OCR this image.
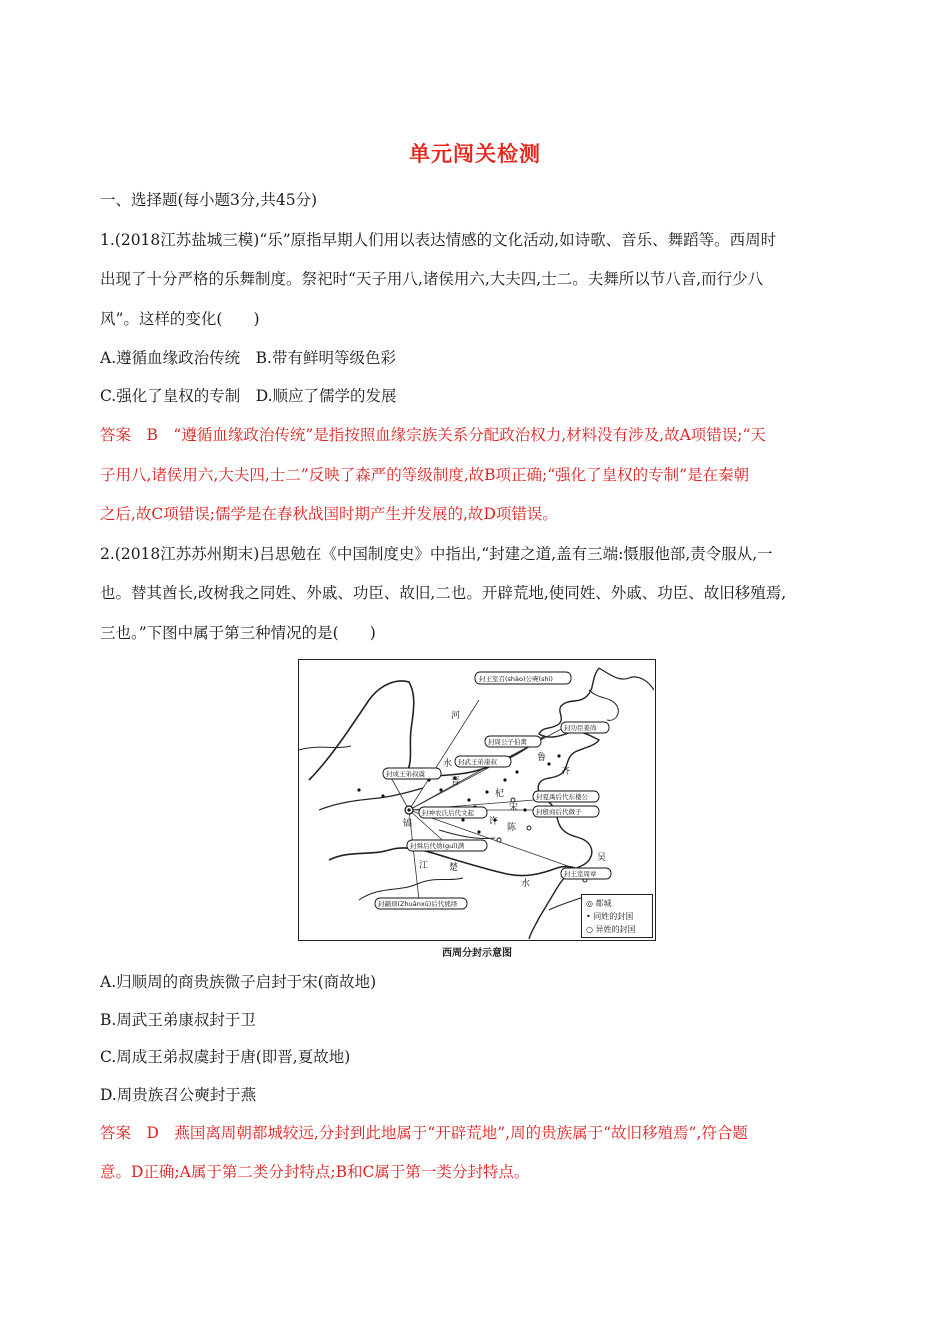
单元闯关检测
一、选择题(每小题3分,共45分)
1.(2018江苏盐城三模)“乐”原指早期人们用以表达情感的文化活动,如诗歌、音乐、舞蹈等。西周时
出现了十分严格的乐舞制度。祭祀时“天子用八,诸侯用六,大夫四,士二。夫舞所以节八音,而行少八
风”。这样的变化(　　)
A.遵循血缘政治传统　B.带有鲜明等级色彩
C.强化了皇权的专制　D.顺应了儒学的发展
答案　B　“遵循血缘政治传统”是指按照血缘宗族关系分配政治权力,材料没有涉及,故A项错误;“天
子用八,诸侯用六,大夫四,士二”反映了森严的等级制度,故B项正确;“强化了皇权的专制”是在秦朝
之后,故C项错误;儒学是在春秋战国时期产生并发展的,故D项错误。
2.(2018江苏苏州期末)吕思勉在《中国制度史》中指出,“封建之道,盖有三端:慑服他部,责令服从,一
也。替其酋长,改树我之同姓、外戚、功臣、故旧,二也。开辟荒地,使同姓、外戚、功臣、故旧移殖焉,
三也。”下图中属于第三种情况的是(　　)
封王室召(shào)公奭(shì)
封功臣姜尚
封周公子伯禽
封武王弟康叔
封成王弟叔虞
封神农氏后代文起
封夏禹后代东楼公
封殷商后代微子
封舜后代妫(guī)满
封颛顼(Zhuānxū)后代熊绎
封王室周章
河
水
齐
鲁
晋
杞
宋
陈
许
镐
江 楚
水
吴
◎ 都城
• 同姓的封国
○ 异姓的封国
西周分封示意图
A.归顺周的商贵族微子启封于宋(商故地)
B.周武王弟康叔封于卫
C.周成王弟叔虞封于唐(即晋,夏故地)
D.周贵族召公奭封于燕
答案　D　燕国离周朝都城较远,分封到此地属于“开辟荒地”,周的贵族属于“故旧移殖焉”,符合题
意。D正确;A属于第二类分封特点;B和C属于第一类分封特点。
